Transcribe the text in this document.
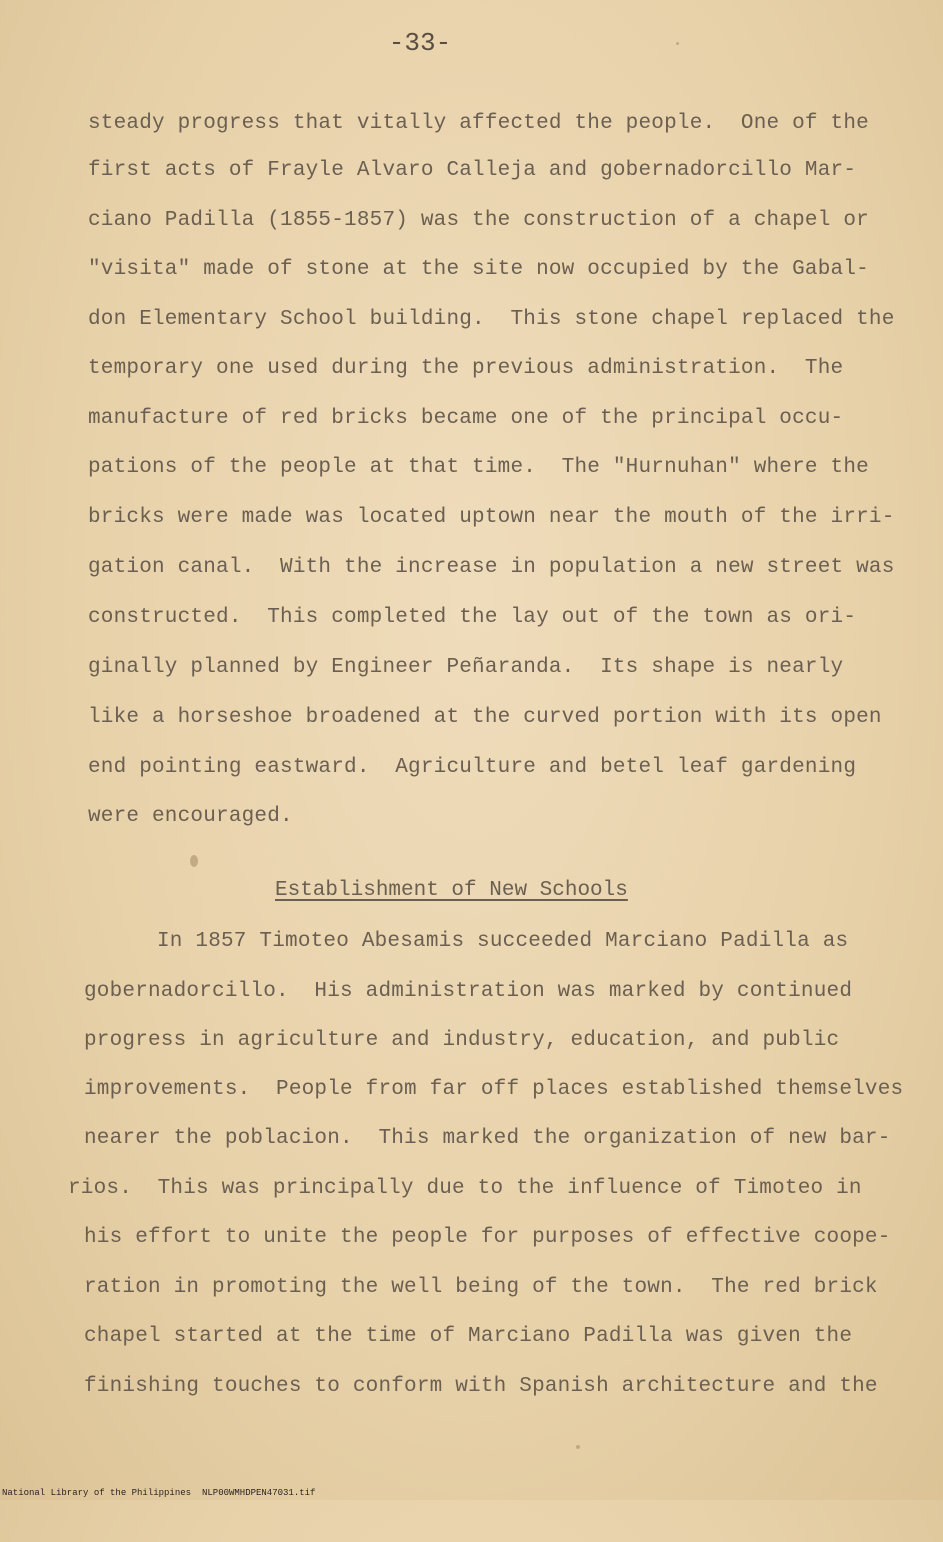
-33-
steady progress that vitally affected the people.  One of the
first acts of Frayle Alvaro Calleja and gobernadorcillo Mar-
ciano Padilla (1855-1857) was the construction of a chapel or
"visita" made of stone at the site now occupied by the Gabal-
don Elementary School building.  This stone chapel replaced the
temporary one used during the previous administration.  The
manufacture of red bricks became one of the principal occu-
pations of the people at that time.  The "Hurnuhan" where the
bricks were made was located uptown near the mouth of the irri-
gation canal.  With the increase in population a new street was
constructed.  This completed the lay out of the town as ori-
ginally planned by Engineer Peñaranda.  Its shape is nearly
like a horseshoe broadened at the curved portion with its open
end pointing eastward.  Agriculture and betel leaf gardening
were encouraged.
Establishment of New Schools
In 1857 Timoteo Abesamis succeeded Marciano Padilla as
gobernadorcillo.  His administration was marked by continued
progress in agriculture and industry, education, and public
improvements.  People from far off places established themselves
nearer the poblacion.  This marked the organization of new bar-
rios.  This was principally due to the influence of Timoteo in
his effort to unite the people for purposes of effective coope-
ration in promoting the well being of the town.  The red brick
chapel started at the time of Marciano Padilla was given the
finishing touches to conform with Spanish architecture and the

National Library of the Philippines

NLP00WMHDPEN47031.tif
